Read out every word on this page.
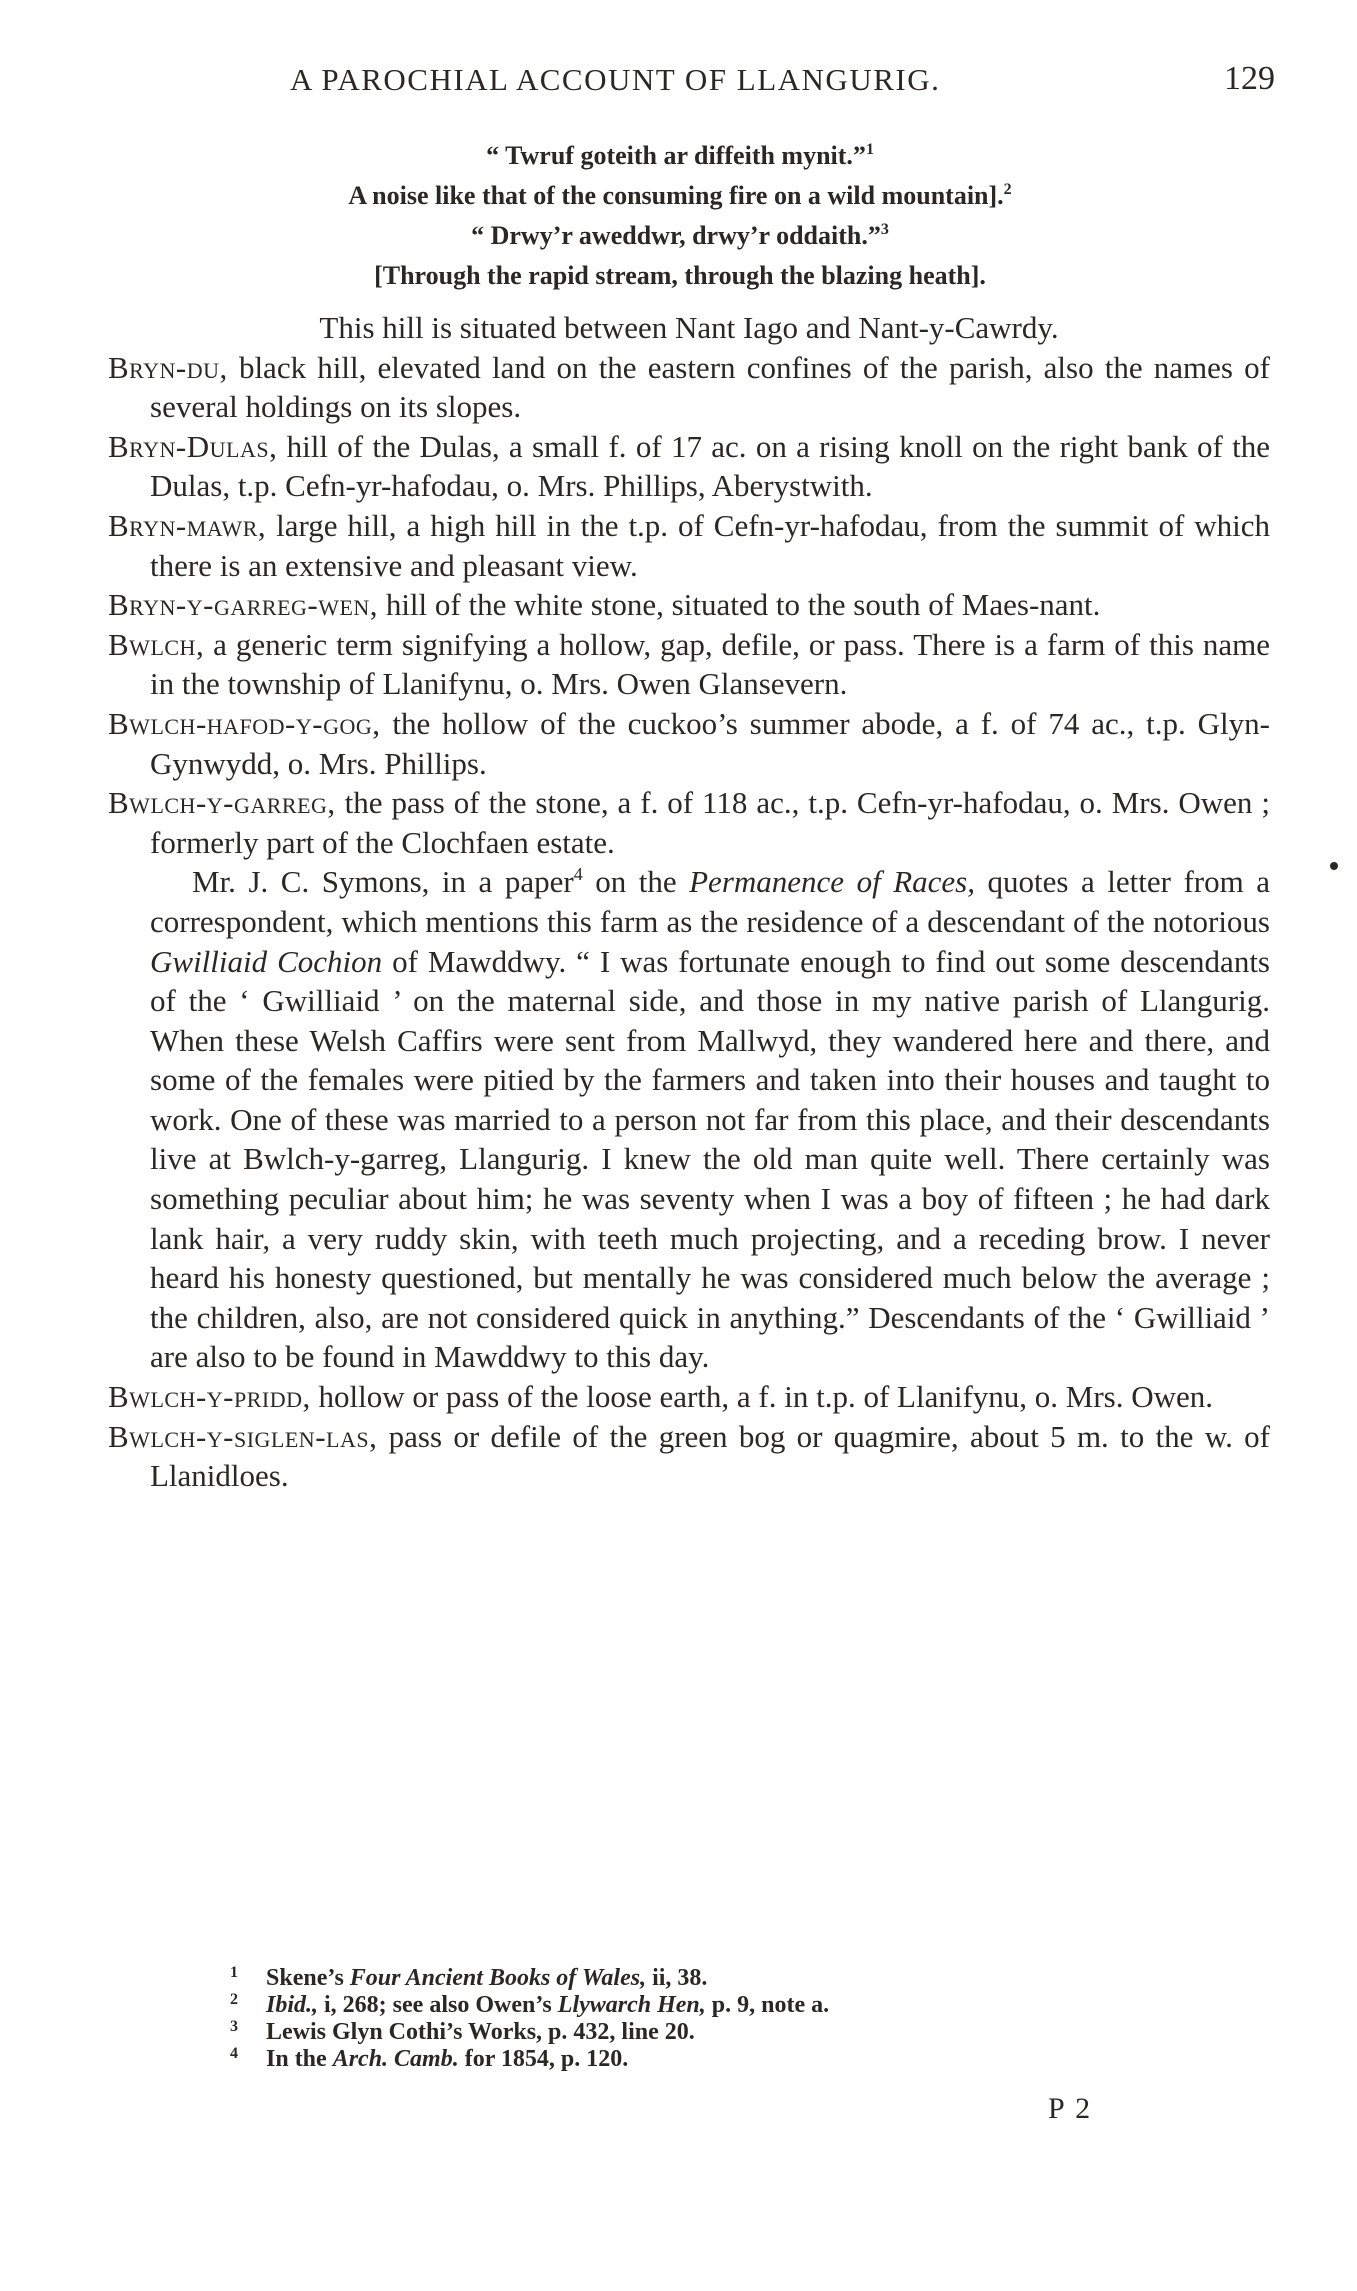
A PAROCHIAL ACCOUNT OF LLANGURIG.	129
“ Twruf goteith ar diffeith mynit.”$^1$
A noise like that of the consuming fire on a wild mountain].$^2$
“ Drwy’r aweddwr, drwy’r oddaith.”$^3$
[Through the rapid stream, through the blazing heath].

This hill is situated between Nant Iago and Nant-y-Cawrdy.

Bryn-du, black hill, elevated land on the eastern confines of the parish, also the names of several holdings on its slopes.

Bryn-Dulas, hill of the Dulas, a small f. of 17 ac. on a rising knoll on the right bank of the Dulas, t.p. Cefn-yr-hafodau, o. Mrs. Phillips, Aberystwith.

Bryn-mawr, large hill, a high hill in the t.p. of Cefn-yr-hafodau, from the summit of which there is an extensive and pleasant view.

Bryn-y-garreg-wen, hill of the white stone, situated to the south of Maes-nant.

Bwlch, a generic term signifying a hollow, gap, defile, or pass. There is a farm of this name in the township of Llanifynu, o. Mrs. Owen Glansevern.

Bwlch-hafod-y-gog, the hollow of the cuckoo’s summer abode, a f. of 74 ac., t.p. Glyn-Gynwydd, o. Mrs. Phillips.

Bwlch-y-garreg, the pass of the stone, a f. of 118 ac., t.p. Cefn-yr-hafodau, o. Mrs. Owen ; formerly part of the Clochfaen estate.

Mr. J. C. Symons, in a paper$^4$ on the Permanence of Races, quotes a letter from a correspondent, which mentions this farm as the residence of a descendant of the notorious Gwilliaid Cochion of Mawddwy. “ I was fortunate enough to find out some descendants of the ‘ Gwilliaid ’ on the maternal side, and those in my native parish of Llangurig. When these Welsh Caffirs were sent from Mallwyd, they wandered here and there, and some of the females were pitied by the farmers and taken into their houses and taught to work. One of these was married to a person not far from this place, and their descendants live at Bwlch-y-garreg, Llangurig. I knew the old man quite well. There certainly was something peculiar about him; he was seventy when I was a boy of fifteen ; he had dark lank hair, a very ruddy skin, with teeth much projecting, and a receding brow. I never heard his honesty questioned, but mentally he was considered much below the average ; the children, also, are not considered quick in anything.” Descendants of the ‘ Gwilliaid ’ are also to be found in Mawddwy to this day.

Bwlch-y-pridd, hollow or pass of the loose earth, a f. in t.p. of Llanifynu, o. Mrs. Owen.

Bwlch-y-siglen-las, pass or defile of the green bog or quagmire, about 5 m. to the w. of Llanidloes.

1 Skene’s Four Ancient Books of Wales, ii, 38.

2 Ibid., i, 268; see also Owen’s Llywarch Hen, p. 9, note a.

3 Lewis Glyn Cothi’s Works, p. 432, line 20.

4 In the Arch. Camb. for 1854, p. 120.

P 2
